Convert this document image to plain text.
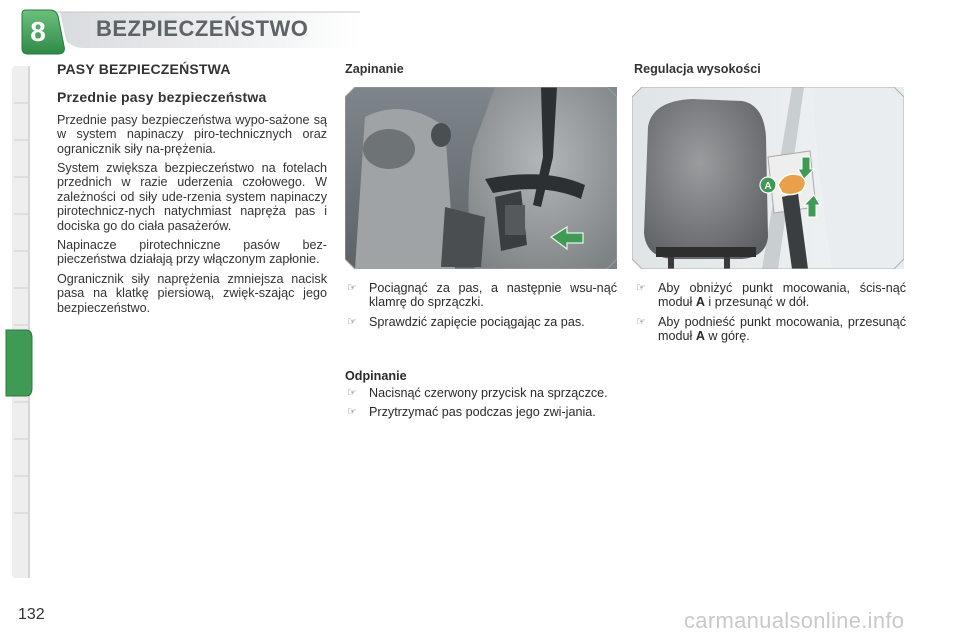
8	BEZPIECZEŃSTWO
PASY BEZPIECZEŃSTWA
Przednie pasy bezpieczeństwa

Przednie pasy bezpieczeństwa wypo-sażone są w system napinaczy piro-technicznych oraz ogranicznik siły na-prężenia.

System zwiększa bezpieczeństwo na fotelach przednich w razie uderzenia czołowego. W zależności od siły ude-rzenia system napinaczy pirotechnicz-nych natychmiast napręża pas i dociska go do ciała pasażerów.

Napinacze pirotechniczne pasów bez-pieczeństwa działają przy włączonym zapłonie.

Ogranicznik siły naprężenia zmniejsza nacisk pasa na klatkę piersiową, zwięk-szając jego bezpieczeństwo.

Zapinanie
☞ Pociągnąć za pas, a następnie wsu-nąć klamrę do sprzączki.
☞ Sprawdzić zapięcie pociągając za pas.
Odpinanie
☞ Nacisnąć czerwony przycisk na sprzączce.
☞ Przytrzymać pas podczas jego zwi-jania.
Regulacja wysokości
A
☞ Aby obniżyć punkt mocowania, ścis-nąć moduł A i przesunąć w dół.
☞ Aby podnieść punkt mocowania, przesunąć moduł A w górę.
132	carmanualsonline.info
